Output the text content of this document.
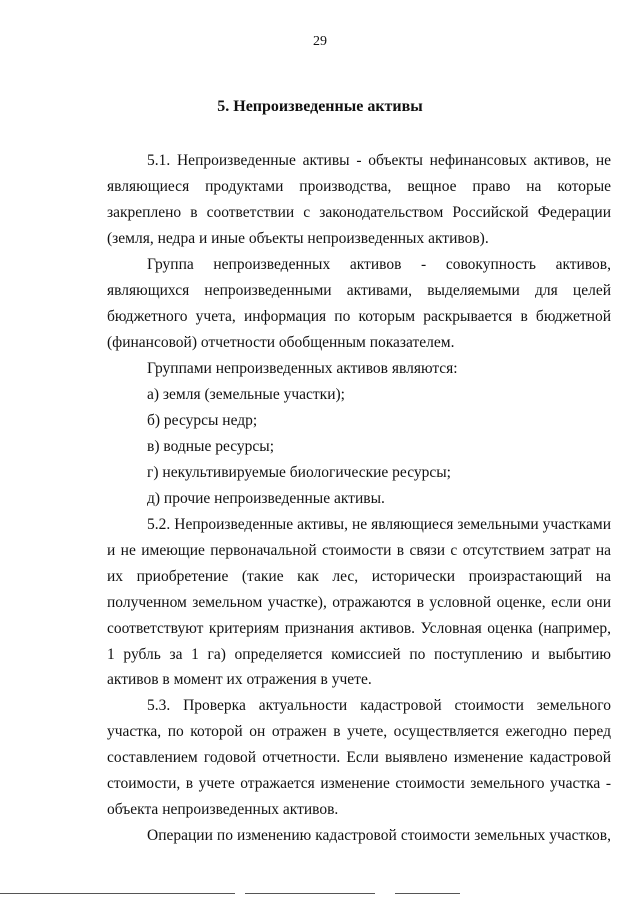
29
5. Непроизведенные активы

5.1. Непроизведенные активы - объекты нефинансовых активов, не являющиеся продуктами производства, вещное право на которые закреплено в соответствии с законодательством Российской Федерации (земля, недра и иные объекты непроизведенных активов).

Группа непроизведенных активов - совокупность активов, являющихся непроизведенными активами, выделяемыми для целей бюджетного учета, информация по которым раскрывается в бюджетной (финансовой) отчетности обобщенным показателем.

Группами непроизведенных активов являются:

а) земля (земельные участки);

б) ресурсы недр;

в) водные ресурсы;

г) некультивируемые биологические ресурсы;

д) прочие непроизведенные активы.

5.2. Непроизведенные активы, не являющиеся земельными участками и не имеющие первоначальной стоимости в связи с отсутствием затрат на их приобретение (такие как лес, исторически произрастающий на полученном земельном участке), отражаются в условной оценке, если они соответствуют критериям признания активов. Условная оценка (например, 1 рубль за 1 га) определяется комиссией по поступлению и выбытию активов в момент их отражения в учете.

5.3. Проверка актуальности кадастровой стоимости земельного участка, по которой он отражен в учете, осуществляется ежегодно перед составлением годовой отчетности. Если выявлено изменение кадастровой стоимости, в учете отражается изменение стоимости земельного участка - объекта непроизведенных активов.

Операции по изменению кадастровой стоимости земельных участков,
